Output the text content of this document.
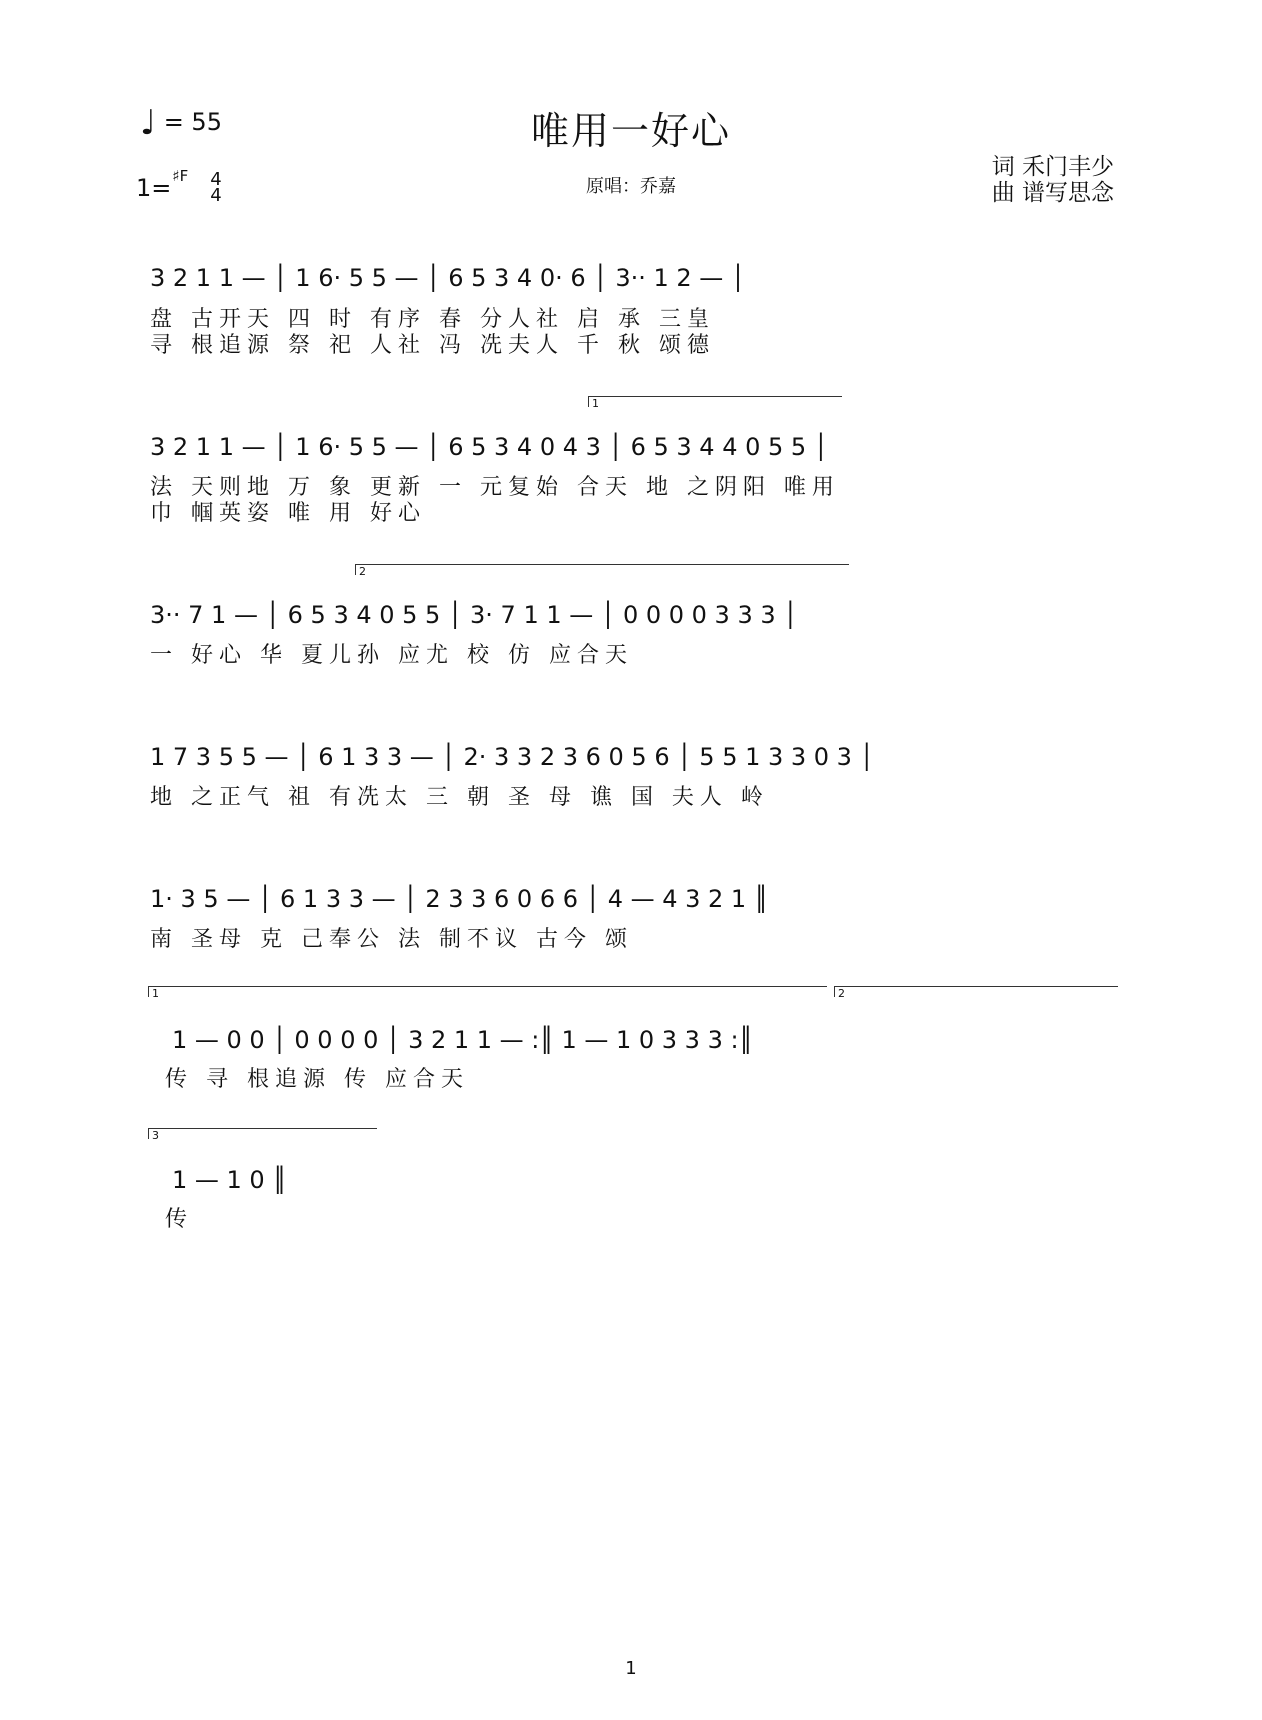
♩ = 55	唯用一好心
1= ♯F 4
4	原唱：乔嘉
词 禾门丰少
曲 谱写思念
3 2 1 1 — │ 1 6· 5 5 — │ 6 5 3 4 0· 6 │ 3·· 1 2 — │
盘 古开天 四 时 有序 春 分人社 启 承 三皇
寻 根追源 祭 祀 人社 冯 冼夫人 千 秋 颂德
1
3 2 1 1 — │ 1 6· 5 5 — │ 6 5 3 4 0 4 3 │ 6 5 3 4 4 0 5 5 │
法 天则地 万 象 更新 一 元复始 合天 地 之阴阳 唯用
巾 帼英姿 唯 用 好心
2
3·· 7 1 — │ 6 5 3 4 0 5 5 │ 3· 7 1 1 — │ 0 0 0 0 3 3 3 │
一 好心 华 夏儿孙 应尤 校 仿 应合天
1 7 3 5 5 — │ 6 1 3 3 — │ 2· 3 3 2 3 6 0 5 6 │ 5 5 1 3 3 0 3 │
地 之正气 祖 有冼太 三 朝 圣 母 谯 国 夫人 岭
1· 3 5 — │ 6 1 3 3 — │ 2 3 3 6 0 6 6 │ 4 — 4 3 2 1 ║
南 圣母 克 己奉公 法 制不议 古今 颂
1	2
1 — 0 0 │ 0 0 0 0 │ 3 2 1 1 — :║ 1 — 1 0 3 3 3 :║
传 寻 根追源 传 应合天
3
1 — 1 0 ║
传
1
